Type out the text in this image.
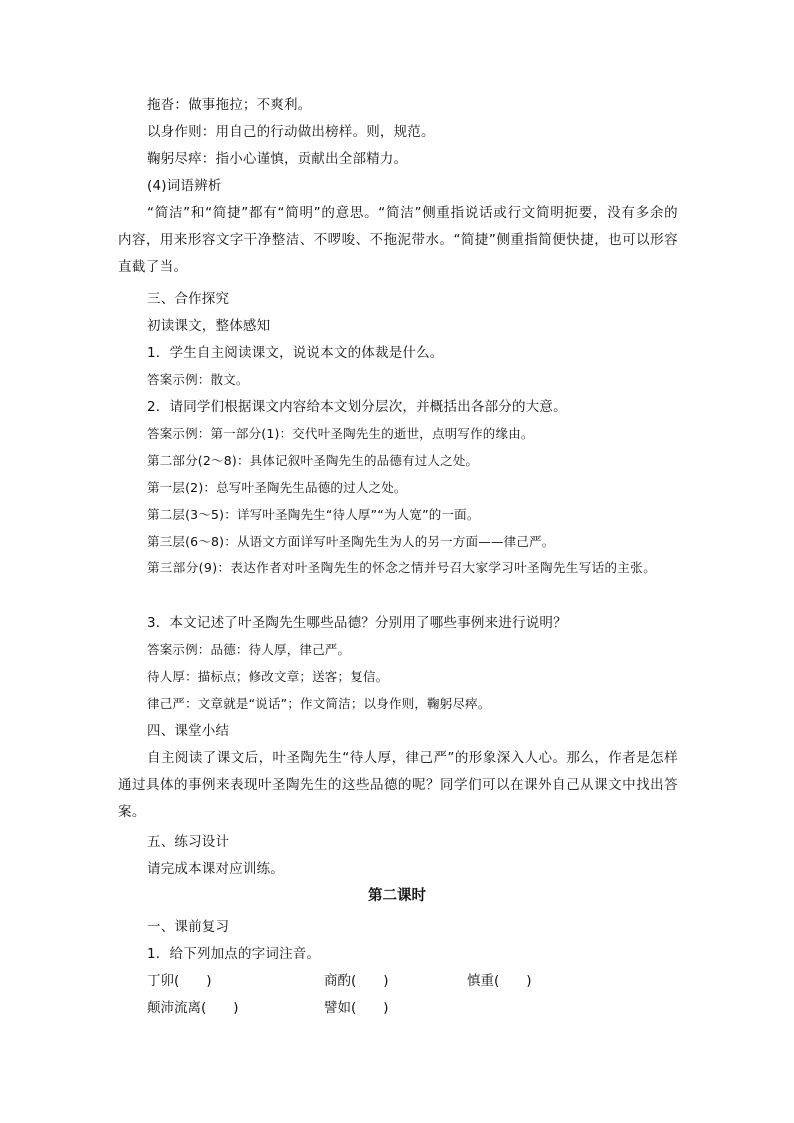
拖沓：做事拖拉；不爽利。
以身作则：用自己的行动做出榜样。则，规范。
鞠躬尽瘁：指小心谨慎，贡献出全部精力。
(4)词语辨析
“简洁”和“简捷”都有“简明”的意思。“简洁”侧重指说话或行文简明扼要，没有多余的内容，用来形容文字干净整洁、不啰唆、不拖泥带水。“简捷”侧重指简便快捷，也可以形容直截了当。
三、合作探究
初读课文，整体感知
1．学生自主阅读课文，说说本文的体裁是什么。
答案示例：散文。
2．请同学们根据课文内容给本文划分层次，并概括出各部分的大意。
答案示例：第一部分(1)：交代叶圣陶先生的逝世，点明写作的缘由。
第二部分(2～8)：具体记叙叶圣陶先生的品德有过人之处。
第一层(2)：总写叶圣陶先生品德的过人之处。
第二层(3～5)：详写叶圣陶先生“待人厚”“为人宽”的一面。
第三层(6～8)：从语文方面详写叶圣陶先生为人的另一方面——律己严。
第三部分(9)：表达作者对叶圣陶先生的怀念之情并号召大家学习叶圣陶先生写话的主张。
3．本文记述了叶圣陶先生哪些品德？分别用了哪些事例来进行说明？
答案示例：品德：待人厚，律己严。
待人厚：描标点；修改文章；送客；复信。
律己严：文章就是“说话”；作文简洁；以身作则，鞠躬尽瘁。
四、课堂小结
自主阅读了课文后，叶圣陶先生“待人厚，律己严”的形象深入人心。那么，作者是怎样通过具体的事例来表现叶圣陶先生的这些品德的呢？同学们可以在课外自己从课文中找出答案。
五、练习设计
请完成本课对应训练。
第二课时
一、课前复习
1．给下列加点的字词注音。
丁卯(　　)	商酌(　　)	慎重(　　)
颠沛流离(　　)	譬如(　　)
